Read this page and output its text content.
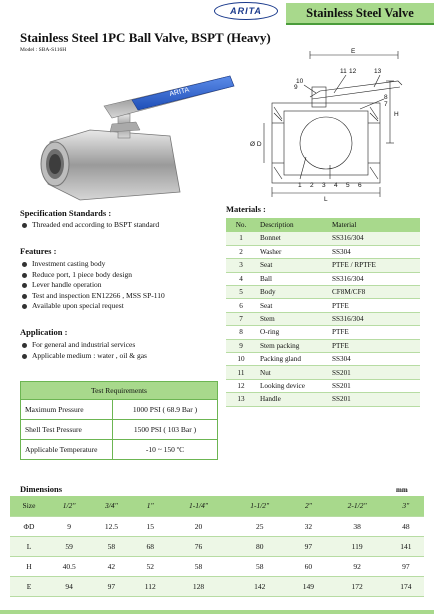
ARITA	Stainless Steel Valve
Stainless Steel 1PC Ball Valve, BSPT (Heavy)
Model : SBA-S116H
ARITA
E
H
L
Ø D
10
9
11 12	13
8
7
1 2 3 4 5 6
Specification Standards :
Threaded end according to BSPT standard
Features :
Investment casting body
Reduce port, 1 piece body design
Lever handle operation
Test and inspection EN12266 , MSS SP-110
Available upon special request
Application :
For general and industrial services
Applicable medium : water , oil & gas
Test Requirements	
Maximum Pressure	1000 PSI ( 68.9 Bar )
Shell Test Pressure	1500 PSI ( 103 Bar )
Applicable Temperature	-10 ~ 150 ºC
Materials :
No.	Description	Material
1	Bonnet	SS316/304
2	Washer	SS304
3	Seat	PTFE / RPTFE
4	Ball	SS316/304
5	Body	CF8M/CF8
6	Seat	PTFE
7	Stem	SS316/304
8	O-ring	PTFE
9	Stem packing	PTFE
10	Packing gland	SS304
11	Nut	SS201
12	Looking device	SS201
13	Handle	SS201
Dimensions	mm
Size	1/2"	3/4"	1"	1-1/4"	1-1/2"	2"	2-1/2"	3"
ΦD	9	12.5	15	20	25	32	38	48
L	59	58	68	76	80	97	119	141
H	40.5	42	52	58	58	60	92	97
E	94	97	112	128	142	149	172	174
